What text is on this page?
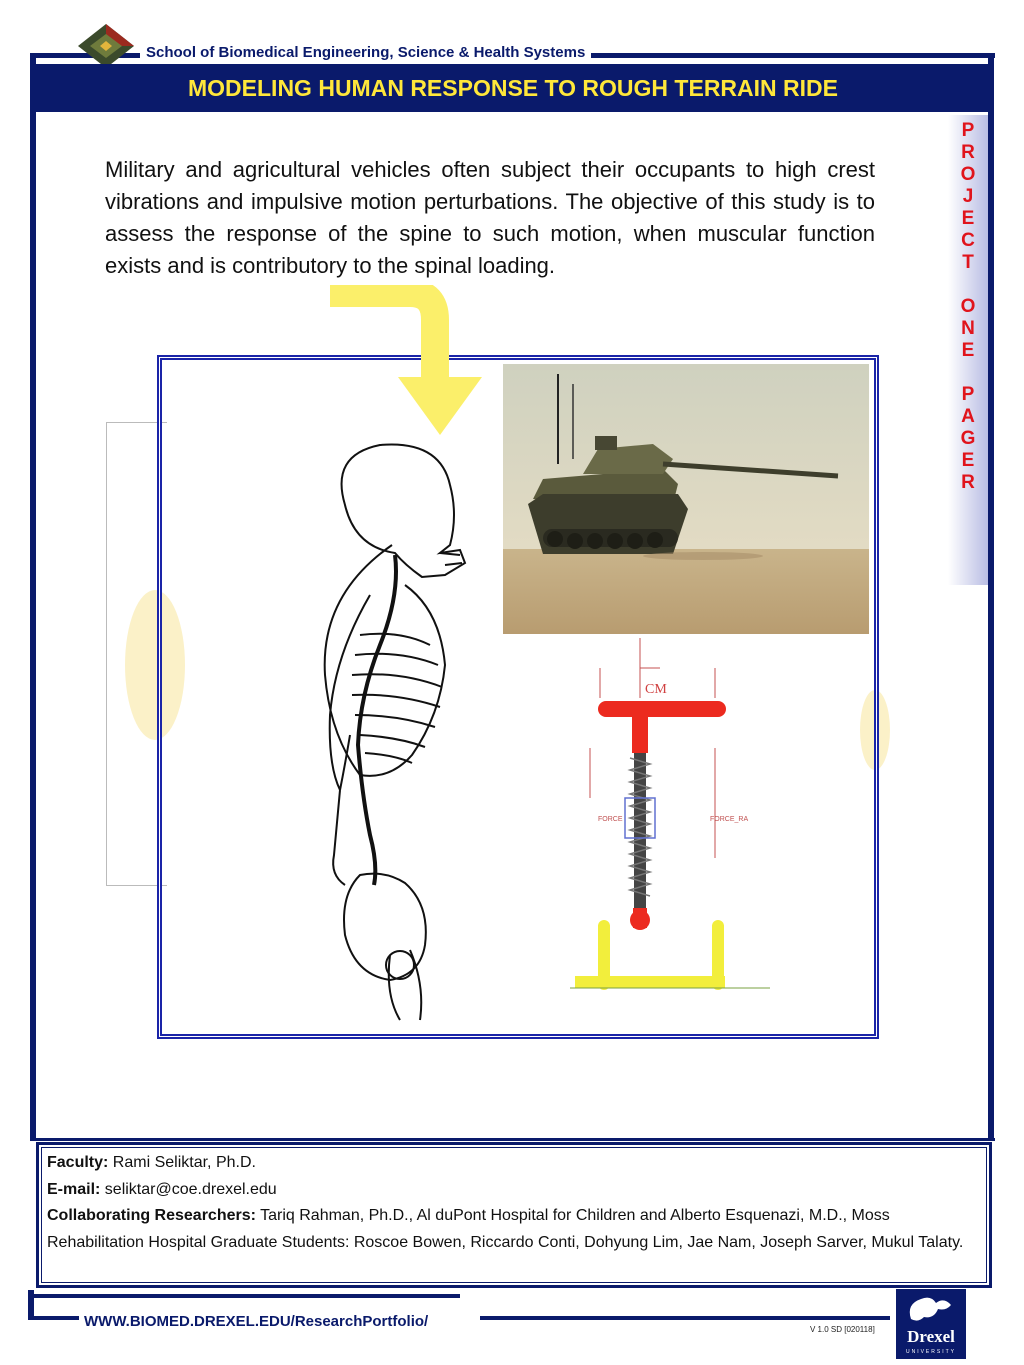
School of Biomedical Engineering, Science & Health Systems
MODELING HUMAN RESPONSE TO ROUGH TERRAIN RIDE
P
R
O
J
E
C
T

O
N
E

P
A
G
E
R
Military and agricultural vehicles often subject their occupants to high crest vibrations and impulsive motion perturbations. The objective of this study is to assess the response of the spine to such motion, when muscular function exists and is contributory to the spinal loading.
CM
FORCE	FORCE_RA
Faculty: Rami Seliktar, Ph.D.
E-mail: seliktar@coe.drexel.edu
Collaborating Researchers: Tariq Rahman, Ph.D., Al duPont Hospital for Children and Alberto Esquenazi, M.D., Moss Rehabilitation Hospital Graduate Students: Roscoe Bowen, Riccardo Conti, Dohyung Lim, Jae Nam, Joseph Sarver, Mukul Talaty.
WWW.BIOMED.DREXEL.EDU/ResearchPortfolio/	V 1.0 SD [020118]	Drexel
UNIVERSITY
